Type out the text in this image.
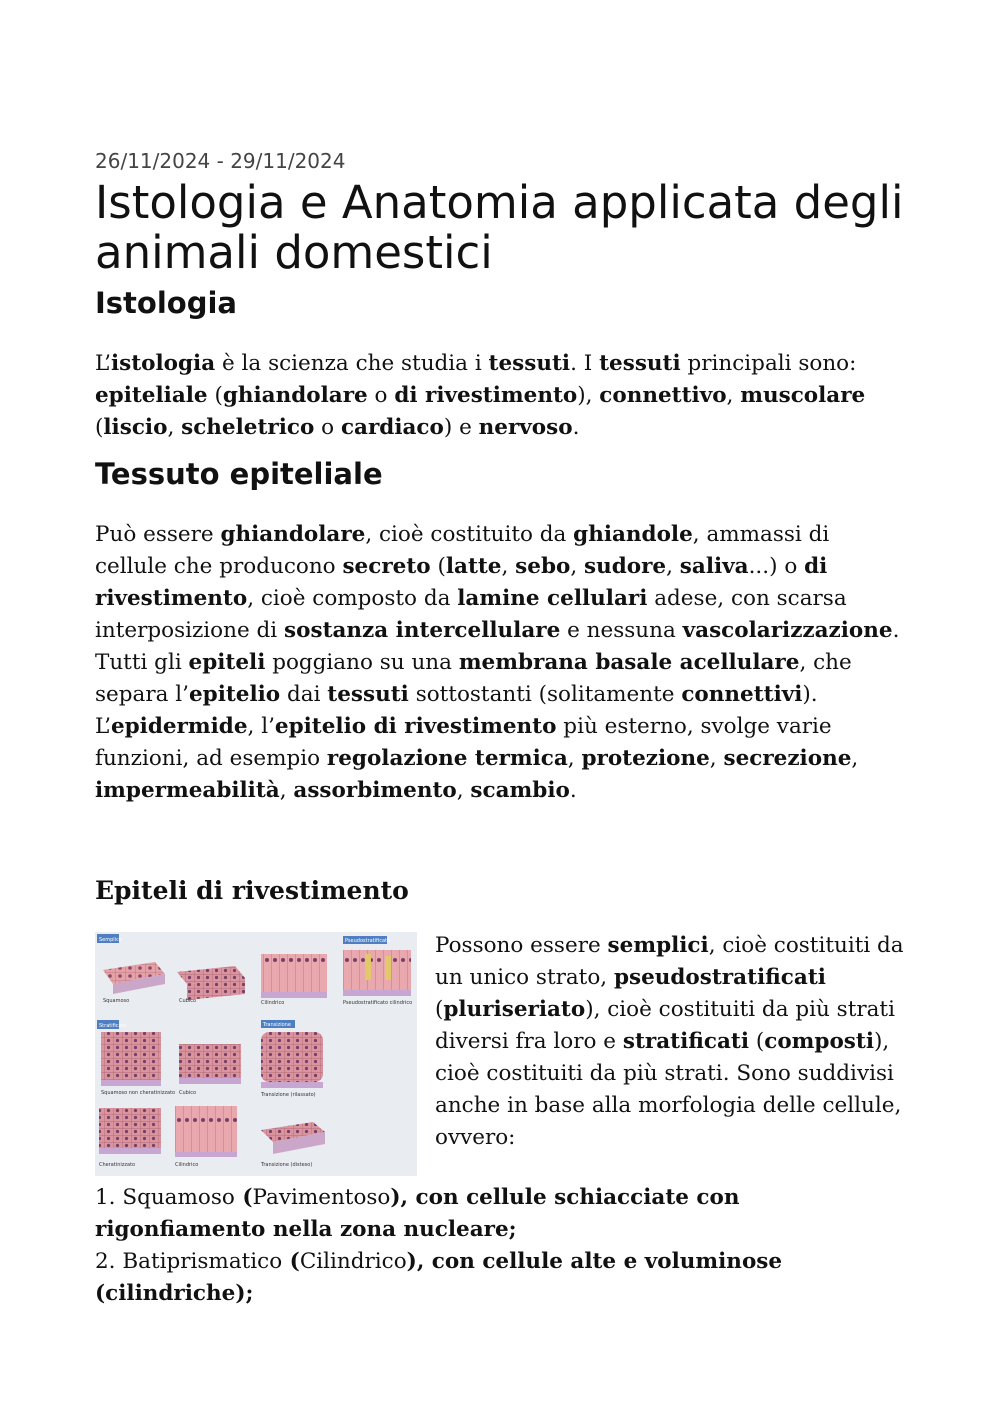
26/11/2024 - 29/11/2024
Istologia e Anatomia applicata degli animali domestici
Istologia

L’istologia è la scienza che studia i tessuti. I tessuti principali sono: epiteliale (ghiandolare o di rivestimento), connettivo, muscolare (liscio, scheletrico o cardiaco) e nervoso.

Tessuto epiteliale

Può essere ghiandolare, cioè costituito da ghiandole, ammassi di cellule che producono secreto (latte, sebo, sudore, saliva...) o di rivestimento, cioè composto da lamine cellulari adese, con scarsa interposizione di sostanza intercellulare e nessuna vascolarizzazione. Tutti gli epiteli poggiano su una membrana basale acellulare, che separa l’epitelio dai tessuti sottostanti (solitamente connettivi). L’epidermide, l’epitelio di rivestimento più esterno, svolge varie funzioni, ad esempio regolazione termica, protezione, secrezione, impermeabilità, assorbimento, scambio.

Epiteli di rivestimento
Semplice	Pseudostratificato
Squamoso	Cubico	Cilindrico	Pseudostratificato cilindrico
Stratificato	Transizione
Squamoso non cheratinizzato Cubico	Transizione (rilassato)
Cheratinizzato	Cilindrico	Transizione (disteso)

Possono essere semplici, cioè costituiti da un unico strato, pseudostratificati (pluriseriato), cioè costituiti da più strati diversi fra loro e stratificati (composti), cioè costituiti da più strati. Sono suddivisi anche in base alla morfologia delle cellule, ovvero:

1. Squamoso (Pavimentoso), con cellule schiacciate con rigonfiamento nella zona nucleare;
2. Batiprismatico (Cilindrico), con cellule alte e voluminose (cilindriche);
